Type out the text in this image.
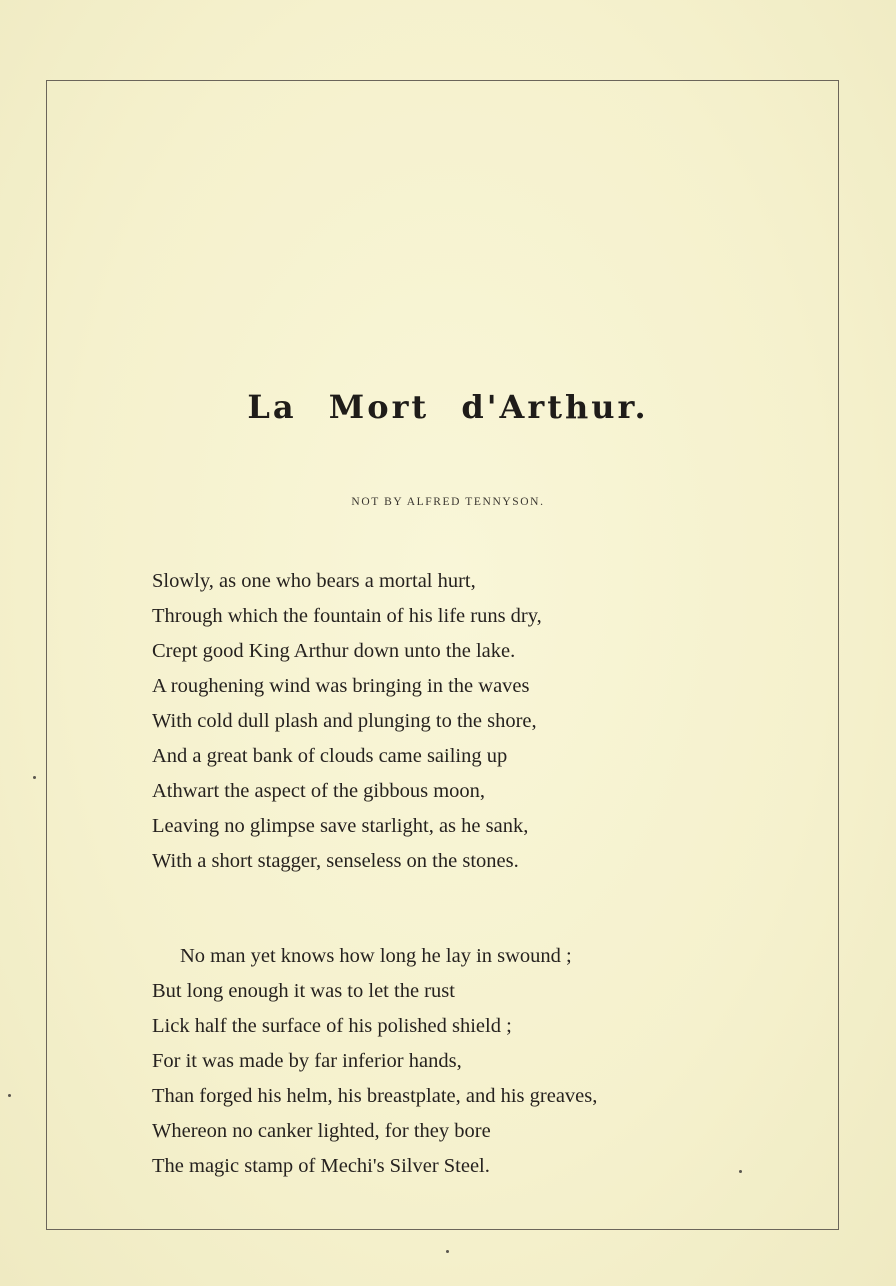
La Mort d'Arthur.
NOT BY ALFRED TENNYSON.
Slowly, as one who bears a mortal hurt,
Through which the fountain of his life runs dry,
Crept good King Arthur down unto the lake.
A roughening wind was bringing in the waves
With cold dull plash and plunging to the shore,
And a great bank of clouds came sailing up
Athwart the aspect of the gibbous moon,
Leaving no glimpse save starlight, as he sank,
With a short stagger, senseless on the stones.
No man yet knows how long he lay in swound ;
But long enough it was to let the rust
Lick half the surface of his polished shield ;
For it was made by far inferior hands,
Than forged his helm, his breastplate, and his greaves,
Whereon no canker lighted, for they bore
The magic stamp of Mechi's Silver Steel.
